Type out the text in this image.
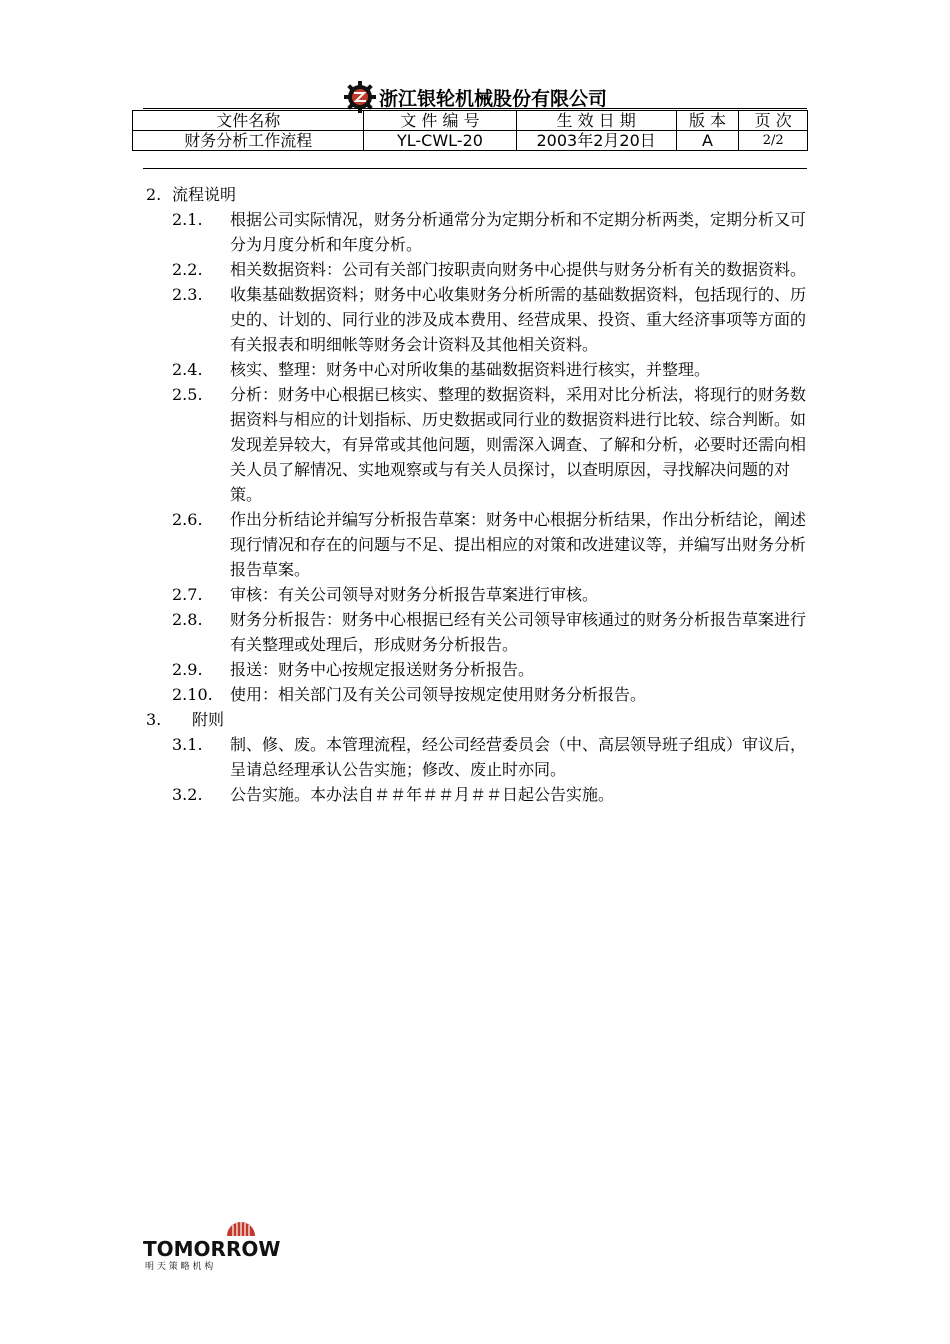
浙江银轮机械股份有限公司
文件名称	文 件 编 号	生 效 日 期	版 本	页 次
财务分析工作流程	YL-CWL-20	2003年2月20日	A	2/2
2. 流程说明
2.1. 根据公司实际情况，财务分析通常分为定期分析和不定期分析两类，定期分析又可分为月度分析和年度分析。
2.2. 相关数据资料：公司有关部门按职责向财务中心提供与财务分析有关的数据资料。
2.3. 收集基础数据资料；财务中心收集财务分析所需的基础数据资料，包括现行的、历史的、计划的、同行业的涉及成本费用、经营成果、投资、重大经济事项等方面的有关报表和明细帐等财务会计资料及其他相关资料。
2.4. 核实、整理：财务中心对所收集的基础数据资料进行核实，并整理。
2.5. 分析：财务中心根据已核实、整理的数据资料，采用对比分析法，将现行的财务数据资料与相应的计划指标、历史数据或同行业的数据资料进行比较、综合判断。如发现差异较大，有异常或其他问题，则需深入调查、了解和分析，必要时还需向相关人员了解情况、实地观察或与有关人员探讨，以查明原因，寻找解决问题的对策。
2.6. 作出分析结论并编写分析报告草案：财务中心根据分析结果，作出分析结论，阐述现行情况和存在的问题与不足、提出相应的对策和改进建议等，并编写出财务分析报告草案。
2.7. 审核：有关公司领导对财务分析报告草案进行审核。
2.8. 财务分析报告：财务中心根据已经有关公司领导审核通过的财务分析报告草案进行有关整理或处理后，形成财务分析报告。
2.9. 报送：财务中心按规定报送财务分析报告。
2.10. 使用：相关部门及有关公司领导按规定使用财务分析报告。
3. 附则
3.1. 制、修、废。本管理流程，经公司经营委员会（中、高层领导班子组成）审议后，呈请总经理承认公告实施；修改、废止时亦同。
3.2. 公告实施。本办法自＃＃年＃＃月＃＃日起公告实施。
TOMORROW
明 天 策 略 机 构
